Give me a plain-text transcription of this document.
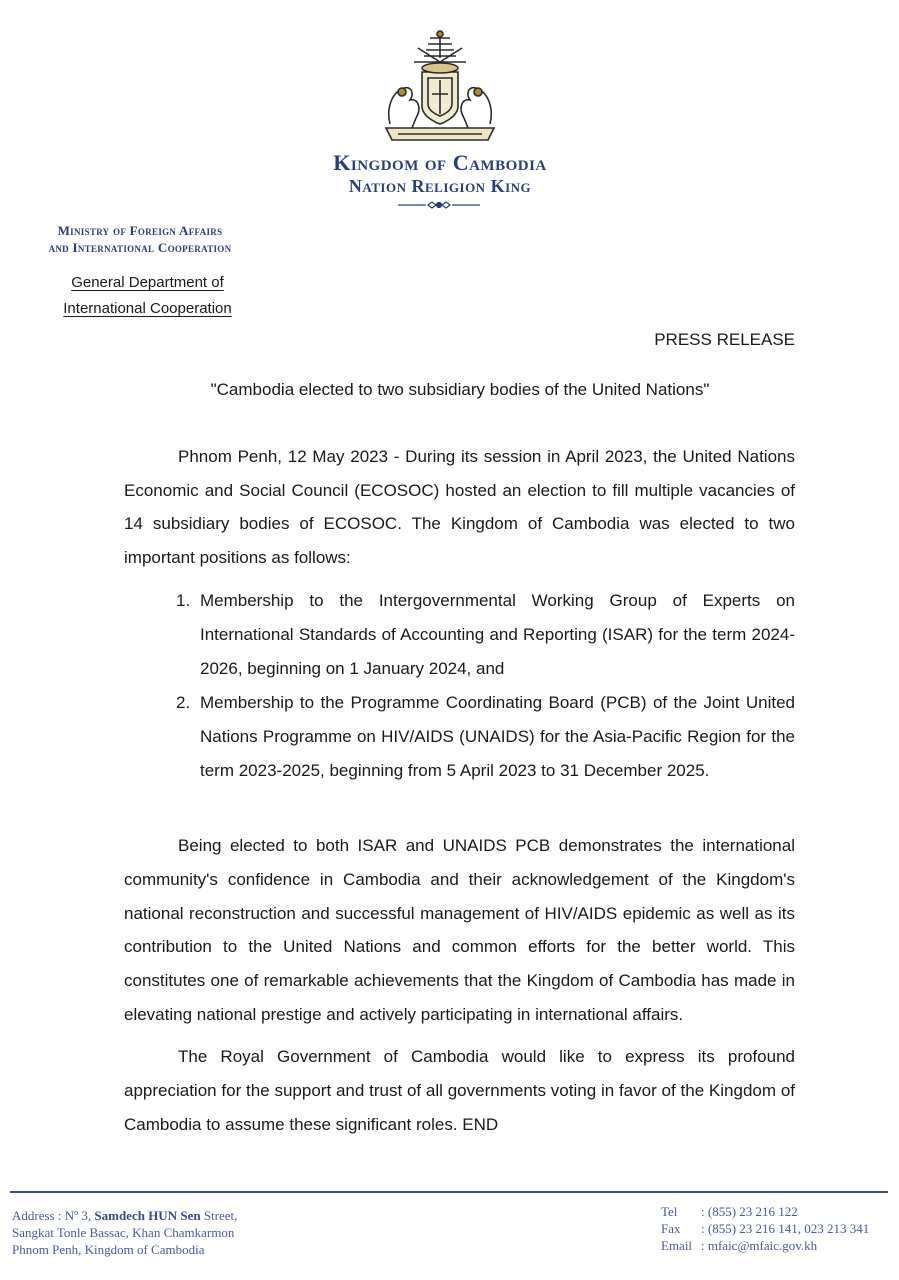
Kingdom of Cambodia
Nation Religion King
Ministry of Foreign Affairs
and International Cooperation
General Department of
International Cooperation
PRESS RELEASE
"Cambodia elected to two subsidiary bodies of the United Nations"
Phnom Penh, 12 May 2023 - During its session in April 2023, the United Nations Economic and Social Council (ECOSOC) hosted an election to fill multiple vacancies of 14 subsidiary bodies of ECOSOC. The Kingdom of Cambodia was elected to two important positions as follows:
1. Membership to the Intergovernmental Working Group of Experts on International Standards of Accounting and Reporting (ISAR) for the term 2024-2026, beginning on 1 January 2024, and
2. Membership to the Programme Coordinating Board (PCB) of the Joint United Nations Programme on HIV/AIDS (UNAIDS) for the Asia-Pacific Region for the term 2023-2025, beginning from 5 April 2023 to 31 December 2025.
Being elected to both ISAR and UNAIDS PCB demonstrates the international community's confidence in Cambodia and their acknowledgement of the Kingdom's national reconstruction and successful management of HIV/AIDS epidemic as well as its contribution to the United Nations and common efforts for the better world. This constitutes one of remarkable achievements that the Kingdom of Cambodia has made in elevating national prestige and actively participating in international affairs.
The Royal Government of Cambodia would like to express its profound appreciation for the support and trust of all governments voting in favor of the Kingdom of Cambodia to assume these significant roles. END
Address : Nº 3, Samdech HUN Sen Street,
Sangkat Tonle Bassac, Khan Chamkarmon
Phnom Penh, Kingdom of Cambodia
Tel : (855) 23 216 122
Fax : (855) 23 216 141, 023 213 341
Email : mfaic@mfaic.gov.kh
